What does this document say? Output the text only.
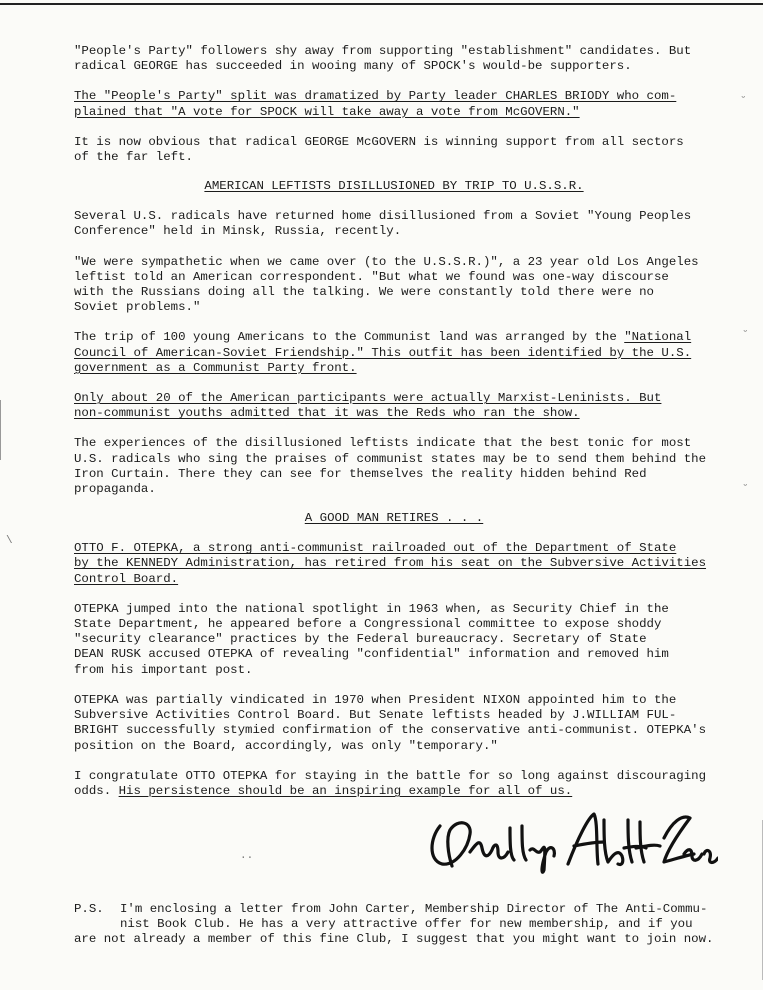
˘
˘
˘
\

"People's Party" followers shy away from supporting "establishment" candidates. But
radical GEORGE has succeeded in wooing many of SPOCK's would-be supporters.

The "People's Party" split was dramatized by Party leader CHARLES BRIODY who com-
plained that "A vote for SPOCK will take away a vote from McGOVERN."

It is now obvious that radical GEORGE McGOVERN is winning support from all sectors
of the far left.

AMERICAN LEFTISTS DISILLUSIONED BY TRIP TO U.S.S.R.

Several U.S. radicals have returned home disillusioned from a Soviet "Young Peoples
Conference" held in Minsk, Russia, recently.

"We were sympathetic when we came over (to the U.S.S.R.)", a 23 year old Los Angeles
leftist told an American correspondent. "But what we found was one-way discourse
with the Russians doing all the talking. We were constantly told there were no
Soviet problems."

The trip of 100 young Americans to the Communist land was arranged by the "National
Council of American-Soviet Friendship." This outfit has been identified by the U.S.
government as a Communist Party front.

Only about 20 of the American participants were actually Marxist-Leninists. But
non-communist youths admitted that it was the Reds who ran the show.

The experiences of the disillusioned leftists indicate that the best tonic for most
U.S. radicals who sing the praises of communist states may be to send them behind the
Iron Curtain. There they can see for themselves the reality hidden behind Red
propaganda.

A GOOD MAN RETIRES . . .

OTTO F. OTEPKA, a strong anti-communist railroaded out of the Department of State
by the KENNEDY Administration, has retired from his seat on the Subversive Activities
Control Board.

OTEPKA jumped into the national spotlight in 1963 when, as Security Chief in the
State Department, he appeared before a Congressional committee to expose shoddy
"security clearance" practices by the Federal bureaucracy. Secretary of State
DEAN RUSK accused OTEPKA of revealing "confidential" information and removed him
from his important post.

OTEPKA was partially vindicated in 1970 when President NIXON appointed him to the
Subversive Activities Control Board. But Senate leftists headed by J.WILLIAM FUL-
BRIGHT successfully stymied confirmation of the conservative anti-communist. OTEPKA's
position on the Board, accordingly, was only "temporary."

I congratulate OTTO OTEPKA for staying in the battle for so long against discouraging
odds. His persistence should be an inspiring example for all of us.

..
P.S.	I'm enclosing a letter from John Carter, Membership Director of The Anti-Commu-
nist Book Club. He has a very attractive offer for new membership, and if you
are not already a member of this fine Club, I suggest that you might want to join now.
